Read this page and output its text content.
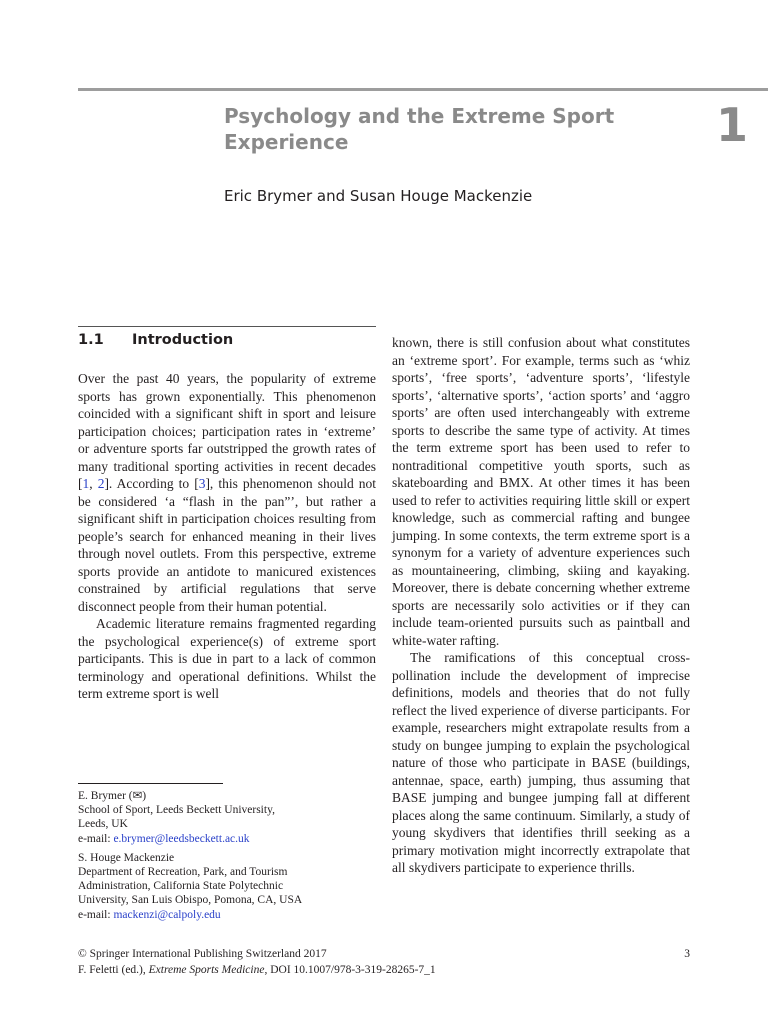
Psychology and the Extreme Sport
Experience	1

Eric Brymer and Susan Houge Mackenzie

1.1 Introduction

Over the past 40 years, the popularity of extreme sports has grown exponentially. This phenomenon coincided with a significant shift in sport and leisure participation choices; participation rates in ‘extreme’ or adventure sports far outstripped the growth rates of many traditional sporting activities in recent decades [1, 2]. According to [3], this phenomenon should not be considered ‘a “flash in the pan”’, but rather a significant shift in participation choices resulting from people’s search for enhanced meaning in their lives through novel outlets. From this perspective, extreme sports provide an antidote to manicured existences constrained by artificial regulations that serve disconnect people from their human potential.

Academic literature remains fragmented regarding the psychological experience(s) of extreme sport participants. This is due in part to a lack of common terminology and operational definitions. Whilst the term extreme sport is well

known, there is still confusion about what constitutes an ‘extreme sport’. For example, terms such as ‘whiz sports’, ‘free sports’, ‘adventure sports’, ‘lifestyle sports’, ‘alternative sports’, ‘action sports’ and ‘aggro sports’ are often used interchangeably with extreme sports to describe the same type of activity. At times the term extreme sport has been used to refer to nontraditional competitive youth sports, such as skateboarding and BMX. At other times it has been used to refer to activities requiring little skill or expert knowledge, such as commercial rafting and bungee jumping. In some contexts, the term extreme sport is a synonym for a variety of adventure experiences such as mountaineering, climbing, skiing and kayaking. Moreover, there is debate concerning whether extreme sports are necessarily solo activities or if they can include team-oriented pursuits such as paintball and white-water rafting.

The ramifications of this conceptual cross-pollination include the development of imprecise definitions, models and theories that do not fully reflect the lived experience of diverse participants. For example, researchers might extrapolate results from a study on bungee jumping to explain the psychological nature of those who participate in BASE (buildings, antennae, space, earth) jumping, thus assuming that BASE jumping and bungee jumping fall at different places along the same continuum. Similarly, a study of young skydivers that identifies thrill seeking as a primary motivation might incorrectly extrapolate that all skydivers participate to experience thrills.

E. Brymer (✉)
School of Sport, Leeds Beckett University,
Leeds, UK
e-mail: e.brymer@leedsbeckett.ac.uk
S. Houge Mackenzie
Department of Recreation, Park, and Tourism
Administration, California State Polytechnic
University, San Luis Obispo, Pomona, CA, USA
e-mail: mackenzi@calpoly.edu
© Springer International Publishing Switzerland 2017	3
F. Feletti (ed.), Extreme Sports Medicine, DOI 10.1007/978-3-319-28265-7_1
